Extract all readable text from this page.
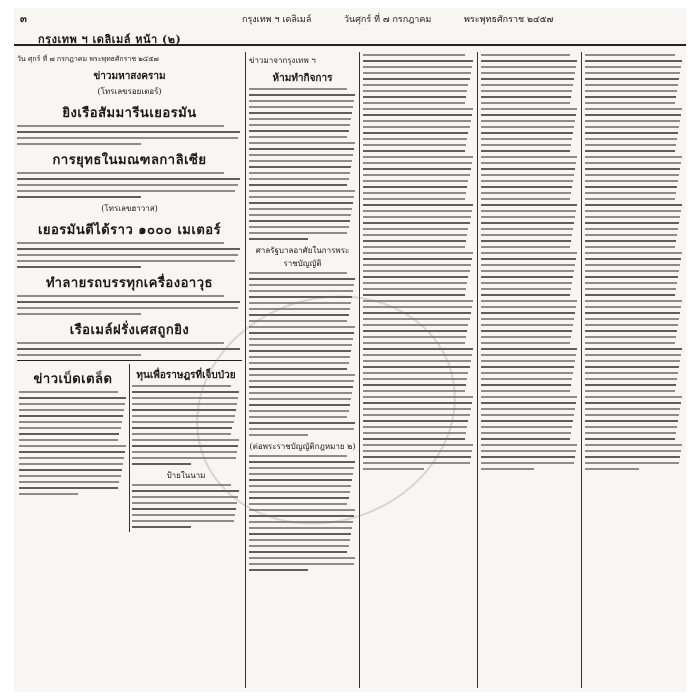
๓
กรุงเทพ ฯ เดลิเมล์ หน้า (๒)
กรุงเทพ ฯ เดลิเมล์	วันศุกร์ ที่ ๗ กรกฎาคม	พระพุทธศักราช ๒๔๕๗
วัน ศุกร์ ที่ ๗ กรกฎาคม พระพุทธศักราช ๒๔๕๗
ข่าวมหาสงคราม
(โทรเลขรอยเตอร์)
ยิงเรือสัมมารีนเยอรมัน
การยุทธในมณฑลกาลิเซีย
(โทรเลขฮาวาส)
เยอรมันตีได้ราว ๑๐๐๐ เมเตอร์
ทำลายรถบรรทุกเครื่องอาวุธ
เรือเมล์ฝรั่งเศสถูกยิง
ข่าวเบ็ดเตล็ด	ทุนเพื่อราษฎรที่เจ็บป่วย
ป้ายในนาม
ข่าวมาจากรุงเทพ ฯ
ห้ามทำกิจการ
ศาลรัฐบาลอาศัยในการพระราชบัญญัติ
(ต่อพระราชบัญญัติกฎหมาย ๒)
